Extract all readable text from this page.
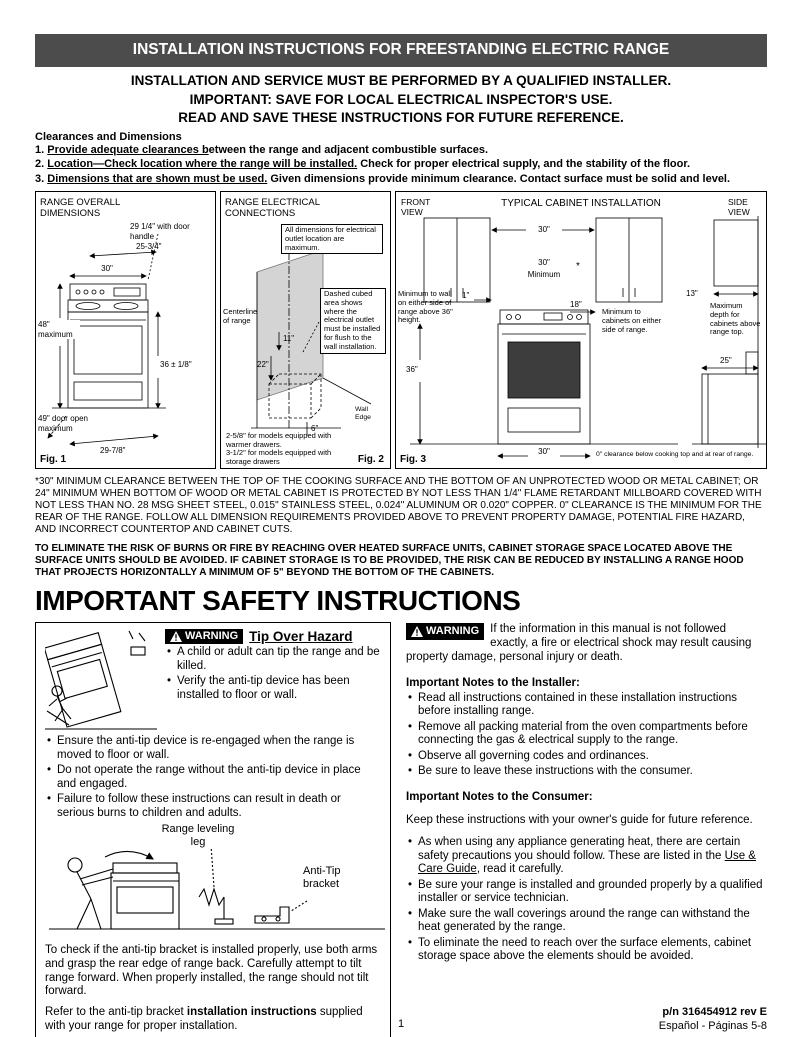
INSTALLATION INSTRUCTIONS FOR FREESTANDING ELECTRIC RANGE
INSTALLATION AND SERVICE MUST BE PERFORMED BY A QUALIFIED INSTALLER.
IMPORTANT: SAVE FOR LOCAL ELECTRICAL INSPECTOR'S USE.
READ AND SAVE THESE INSTRUCTIONS FOR FUTURE REFERENCE.
Clearances and Dimensions
1. Provide adequate clearances between the range and adjacent combustible surfaces.
2. Location—Check location where the range will be installed. Check for proper electrical supply, and the stability of the floor.
3. Dimensions that are shown must be used. Given dimensions provide minimum clearance. Contact surface must be solid and level.
RANGE OVERALL DIMENSIONS
29 1/4" with door handle
25-3/4"
30"
48" maximum
36 ± 1/8"
49" door open maximum
29-7/8"
Fig. 1
RANGE ELECTRICAL CONNECTIONS
All dimensions for electrical outlet location are maximum.
Centerline of range
Dashed cubed area shows where the electrical outlet must be installed for flush to the wall installation.
11"
22"
6"
Wall Edge
2-5/8" for models equipped with warmer drawers.
3-1/2" for models equipped with storage drawers	Fig. 2
FRONT VIEW
TYPICAL CABINET INSTALLATION	SIDE VIEW
30"
30"
Minimum
*
1"
Minimum to wall on either side of range above 36" height.
18"
Minimum to cabinets on either side of range.
36"
30"	0" clearance below cooking top and at rear of range.
13"
Maximum depth for cabinets above range top.
25"
Fig. 3

*30" MINIMUM CLEARANCE BETWEEN THE TOP OF THE COOKING SURFACE AND THE BOTTOM OF AN UNPROTECTED WOOD OR METAL CABINET; OR 24" MINIMUM WHEN BOTTOM OF WOOD OR METAL CABINET IS PROTECTED BY NOT LESS THAN 1/4" FLAME RETARDANT MILLBOARD COVERED WITH NOT LESS THAN NO. 28 MSG SHEET STEEL, 0.015" STAINLESS STEEL, 0.024" ALUMINUM OR 0.020" COPPER. 0" CLEARANCE IS THE MINIMUM FOR THE REAR OF THE RANGE. FOLLOW ALL DIMENSION REQUIREMENTS PROVIDED ABOVE TO PREVENT PROPERTY DAMAGE, POTENTIAL FIRE HAZARD, AND INCORRECT COUNTERTOP AND CABINET CUTS.

TO ELIMINATE THE RISK OF BURNS OR FIRE BY REACHING OVER HEATED SURFACE UNITS, CABINET STORAGE SPACE LOCATED ABOVE THE SURFACE UNITS SHOULD BE AVOIDED. IF CABINET STORAGE IS TO BE PROVIDED, THE RISK CAN BE REDUCED BY INSTALLING A RANGE HOOD THAT PROJECTS HORIZONTALLY A MINIMUM OF 5" BEYOND THE BOTTOM OF THE CABINETS.

IMPORTANT SAFETY INSTRUCTIONS
WARNING Tip Over Hazard
• A child or adult can tip the range and be killed.
• Verify the anti-tip device has been installed to floor or wall.
• Ensure the anti-tip device is re-engaged when the range is moved to floor or wall.
• Do not operate the range without the anti-tip device in place and engaged.
• Failure to follow these instructions can result in death or serious burns to children and adults.
Range leveling leg
Anti-Tip bracket

To check if the anti-tip bracket is installed properly, use both arms and grasp the rear edge of range back. Carefully attempt to tilt range forward. When properly installed, the range should not tilt forward.

Refer to the anti-tip bracket installation instructions supplied with your range for proper installation.

WARNING If the information in this manual is not followed exactly, a fire or electrical shock may result causing property damage, personal injury or death.
Important Notes to the Installer:
• Read all instructions contained in these installation instructions before installing range.
• Remove all packing material from the oven compartments before connecting the gas & electrical supply to the range.
• Observe all governing codes and ordinances.
• Be sure to leave these instructions with the consumer.
Important Notes to the Consumer:

Keep these instructions with your owner's guide for future reference.

• As when using any appliance generating heat, there are certain safety precautions you should follow. These are listed in the Use & Care Guide, read it carefully.
• Be sure your range is installed and grounded properly by a qualified installer or service technician.
• Make sure the wall coverings around the range can withstand the heat generated by the range.
• To eliminate the need to reach over the surface elements, cabinet storage space above the elements should be avoided.
1
p/n 316454912 rev E
Español - Páginas 5-8
